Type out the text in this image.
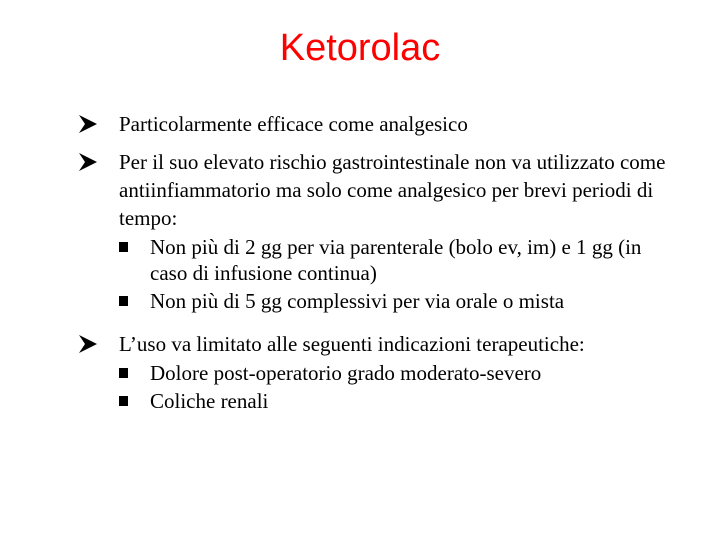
Ketorolac
Particolarmente efficace come analgesico
Per il suo elevato rischio gastrointestinale non va utilizzato come antiinfiammatorio ma solo come analgesico per brevi periodi di tempo:
Non più di 2 gg per via parenterale (bolo ev, im) e 1 gg (in caso di infusione continua)
Non più di 5 gg complessivi per via orale o mista
L’uso va limitato alle seguenti indicazioni terapeutiche:
Dolore post-operatorio grado moderato-severo
Coliche renali
